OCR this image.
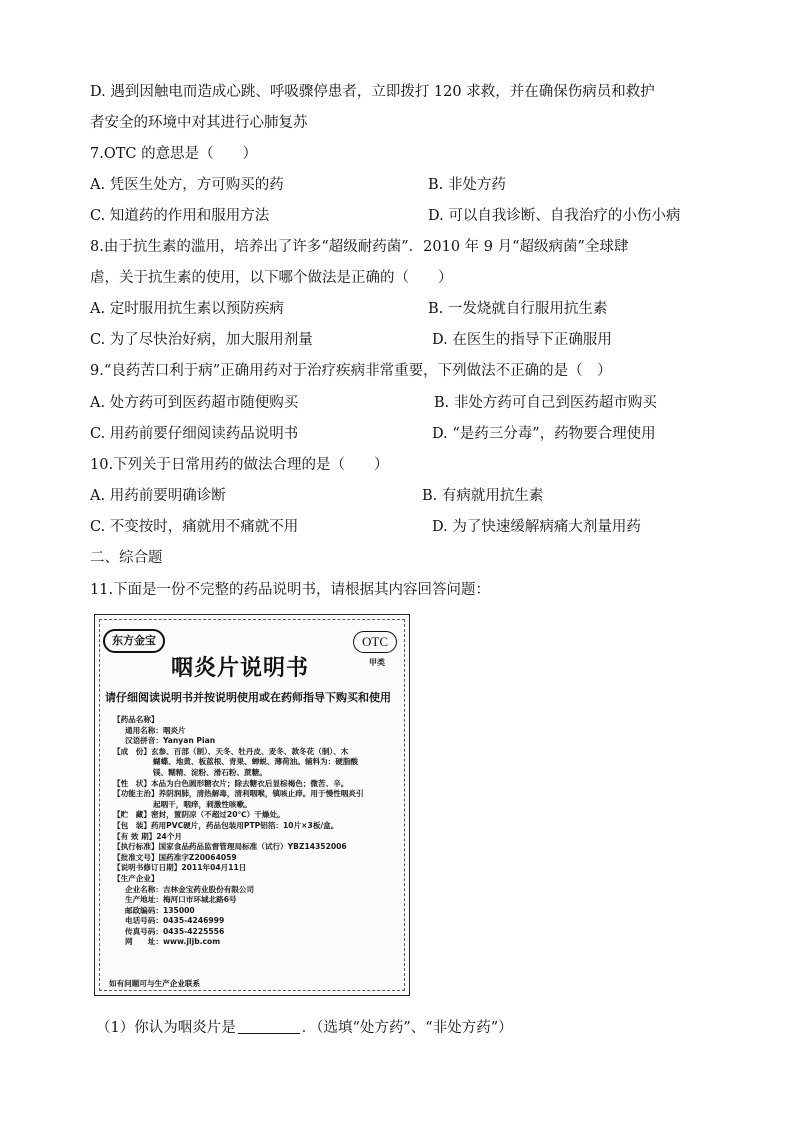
D. 遇到因触电而造成心跳、呼吸骤停患者，立即拨打 120 求救，并在确保伤病员和救护
者安全的环境中对其进行心肺复苏
7.OTC 的意思是（　　）
A. 凭医生处方，方可购买的药	B. 非处方药
C. 知道药的作用和服用方法	D. 可以自我诊断、自我治疗的小伤小病
8.由于抗生素的滥用，培养出了许多“超级耐药菌”．2010 年 9 月“超级病菌”全球肆
虐，关于抗生素的使用，以下哪个做法是正确的（　　）
A. 定时服用抗生素以预防疾病	B. 一发烧就自行服用抗生素
C. 为了尽快治好病，加大服用剂量	D. 在医生的指导下正确服用
9.“良药苦口利于病”正确用药对于治疗疾病非常重要，下列做法不正确的是（　）
A. 处方药可到医药超市随便购买	B. 非处方药可自己到医药超市购买
C. 用药前要仔细阅读药品说明书	D. “是药三分毒”，药物要合理使用
10.下列关于日常用药的做法合理的是（　　）
A. 用药前要明确诊断	B. 有病就用抗生素
C. 不变按时，痛就用不痛就不用	D. 为了快速缓解病痛大剂量用药
二、综合题
11.下面是一份不完整的药品说明书，请根据其内容回答问题：
东方金宝	OTC
甲类
咽炎片说明书
请仔细阅读说明书并按说明使用或在药师指导下购买和使用
【药品名称】
通用名称：咽炎片
汉语拼音：Yanyan Pian
【成　份】玄参、百部（制）、天冬、牡丹皮、麦冬、款冬花（制）、木
蝴蝶、地黄、板蓝根、青果、蝉蜕、薄荷油。辅料为：硬脂酸
镁、糊精、淀粉、滑石粉、蔗糖。
【性　状】本品为白色圆形糖衣片；除去糖衣后显棕褐色；微苦、辛。
【功能主治】养阴润肺，清热解毒，清利咽喉，镇咳止痒。用于慢性咽炎引
起咽干，咽痒，刺激性咳嗽。
【贮　藏】密封，置阴凉（不超过20℃）干燥处。
【包　装】药用PVC硬片，药品包装用PTP铝箔：10片×3板/盒。
【有 效 期】24个月
【执行标准】国家食品药品监督管理局标准（试行）YBZ14352006
【批准文号】国药准字Z20064059
【说明书修订日期】2011年04月11日
【生产企业】
企业名称：吉林金宝药业股份有限公司
生产地址：梅河口市环城北路6号
邮政编码：135000
电话号码：0435-4246999
传真号码：0435-4225556
网　　址：www.jljb.com
如有问题可与生产企业联系
（1）你认为咽炎片是	．（选填“处方药”、“非处方药”）
